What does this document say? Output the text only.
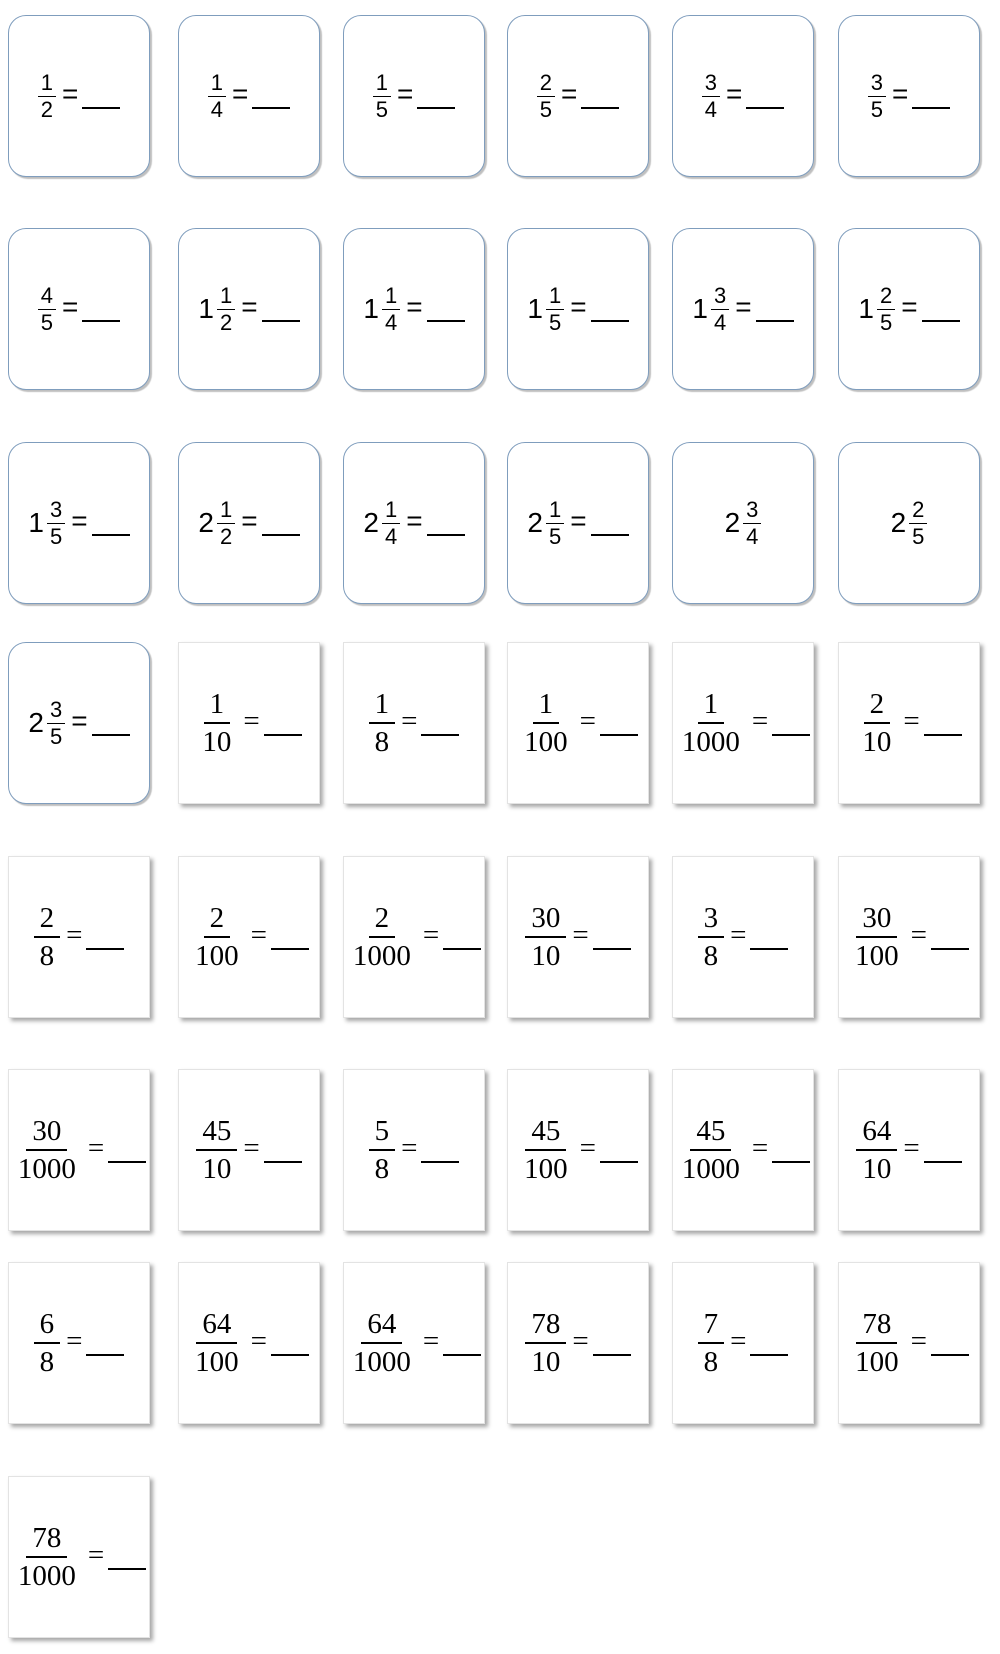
$\frac{1}{2}$ =	$\frac{1}{4}$ =	$\frac{1}{5}$ =	$\frac{2}{5}$ =	$\frac{3}{4}$ =	$\frac{3}{5}$ =
$\frac{4}{5}$ =	$1 \frac{1}{2}$ =	$1 \frac{1}{4}$ =	$1 \frac{1}{5}$ =	$1 \frac{3}{4}$ =	$1 \frac{2}{5}$ =
$1 \frac{3}{5}$ =	$2 \frac{1}{2}$ =	$2 \frac{1}{4}$ =	$2 \frac{1}{5}$ =	$2 \frac{3}{4}$	$2 \frac{2}{5}$
$2 \frac{3}{5}$ =	$\frac{1}{10}$ =	$\frac{1}{8}$ =	$\frac{1}{100}$ =	$\frac{1}{1000}$ =	$\frac{2}{10}$ =
$\frac{2}{8}$ =	$\frac{2}{100}$ =	$\frac{2}{1000}$ =	$\frac{30}{10}$ =	$\frac{3}{8}$ =	$\frac{30}{100}$ =
$\frac{30}{1000}$ =	$\frac{45}{10}$ =	$\frac{5}{8}$ =	$\frac{45}{100}$ =	$\frac{45}{1000}$ =	$\frac{64}{10}$ =
$\frac{6}{8}$ =	$\frac{64}{100}$ =	$\frac{64}{1000}$ =	$\frac{78}{10}$ =	$\frac{7}{8}$ =	$\frac{78}{100}$ =
$\frac{78}{1000}$ =
